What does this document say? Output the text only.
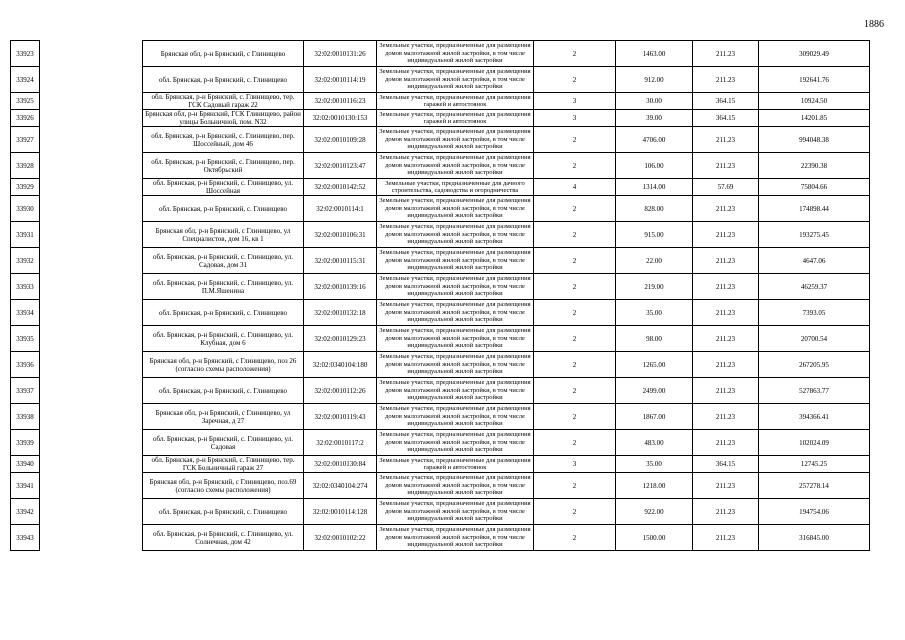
1886
33923		Брянская обл, р-н Брянский, с Глинищево	32:02:0010131:26	Земельные участки, предназначенные для размещения домов малоэтажной жилой застройки, в том числе индивидуальной жилой застройки	2	1463.00	211.23	309029.49
33924		обл. Брянская, р-н Брянский, с. Глинищево	32:02:0010114:19	Земельные участки, предназначенные для размещения домов малоэтажной жилой застройки, в том числе индивидуальной жилой застройки	2	912.00	211.23	192641.76
33925		обл. Брянская, р-н Брянский, с. Глинищево, тер. ГСК Садовый гараж 22	32:02:0010116:23	Земельные участки, предназначенные для размещения гаражей и автостоянок	3	30.00	364.15	10924.50
33926		Брянская обл, р-н Брянский, ГСК Глинищево, район улицы Больничной, пом. N32	32:02:0010130:153	Земельные участки, предназначенные для размещения гаражей и автостоянок	3	39.00	364.15	14201.85
33927		обл. Брянская, р-н Брянский, с. Глинищево, пер. Шоссейный, дом 46	32:02:0010109:28	Земельные участки, предназначенные для размещения домов малоэтажной жилой застройки, в том числе индивидуальной жилой застройки	2	4706.00	211.23	994048.38
33928		обл. Брянская, р-н Брянский, с. Глинищево, пер. Октябрьский	32:02:0010123:47	Земельные участки, предназначенные для размещения домов малоэтажной жилой застройки, в том числе индивидуальной жилой застройки	2	106.00	211.23	22390.38
33929		обл. Брянская, р-н Брянский, с. Глинищево, ул. Шоссейная	32:02:0010142:52	Земельные участки, предназначенные для дачного строительства, садоводства и огородничества	4	1314.00	57.69	75804.66
33930		обл. Брянская, р-н Брянский, с. Глинищево	32:02:0010114:1	Земельные участки, предназначенные для размещения домов малоэтажной жилой застройки, в том числе индивидуальной жилой застройки	2	828.00	211.23	174898.44
33931		Брянская обл, р-н Брянский, с Глинищево, ул Специалистов, дом 16, кв 1	32:02:0010106:31	Земельные участки, предназначенные для размещения домов малоэтажной жилой застройки, в том числе индивидуальной жилой застройки	2	915.00	211.23	193275.45
33932		обл. Брянская, р-н Брянский, с. Глинищево, ул. Садовая, дом 31	32:02:0010115:31	Земельные участки, предназначенные для размещения домов малоэтажной жилой застройки, в том числе индивидуальной жилой застройки	2	22.00	211.23	4647.06
33933		обл. Брянская, р-н Брянский, с. Глинищево, ул. П.М.Яшенина	32:02:0010139:16	Земельные участки, предназначенные для размещения домов малоэтажной жилой застройки, в том числе индивидуальной жилой застройки	2	219.00	211.23	46259.37
33934		обл. Брянская, р-н Брянский, с. Глинищево	32:02:0010132:18	Земельные участки, предназначенные для размещения домов малоэтажной жилой застройки, в том числе индивидуальной жилой застройки	2	35.00	211.23	7393.05
33935		обл. Брянская, р-н Брянский, с. Глинищево, ул. Клубная, дом 6	32:02:0010129:23	Земельные участки, предназначенные для размещения домов малоэтажной жилой застройки, в том числе индивидуальной жилой застройки	2	98.00	211.23	20700.54
33936		Брянская обл, р-н Брянский, с Глинищево, поз 26 (согласно схемы расположения)	32:02:0340104:180	Земельные участки, предназначенные для размещения домов малоэтажной жилой застройки, в том числе индивидуальной жилой застройки	2	1265.00	211.23	267205.95
33937		обл. Брянская, р-н Брянский, с. Глинищево	32:02:0010112:26	Земельные участки, предназначенные для размещения домов малоэтажной жилой застройки, в том числе индивидуальной жилой застройки	2	2499.00	211.23	527863.77
33938		Брянская обл, р-н Брянский, с Глинищево, ул Заречная, д 27	32:02:0010119:43	Земельные участки, предназначенные для размещения домов малоэтажной жилой застройки, в том числе индивидуальной жилой застройки	2	1867.00	211.23	394366.41
33939		обл. Брянская, р-н Брянский, с. Глинищево, ул. Садовая	32:02:0010117:2	Земельные участки, предназначенные для размещения домов малоэтажной жилой застройки, в том числе индивидуальной жилой застройки	2	483.00	211.23	102024.09
33940		обл. Брянская, р-н Брянский, с. Глинищево, тер. ГСК Больничный гараж 27	32:02:0010130:84	Земельные участки, предназначенные для размещения гаражей и автостоянок	3	35.00	364.15	12745.25
33941		Брянская обл, р-н Брянский, с Глинищево, поз.69 (согласно схемы расположения)	32:02:0340104:274	Земельные участки, предназначенные для размещения домов малоэтажной жилой застройки, в том числе индивидуальной жилой застройки	2	1218.00	211.23	257278.14
33942		обл. Брянская, р-н Брянский, с. Глинищево	32:02:0010114:128	Земельные участки, предназначенные для размещения домов малоэтажной жилой застройки, в том числе индивидуальной жилой застройки	2	922.00	211.23	194754.06
33943		обл. Брянская, р-н Брянский, с. Глинищево, ул. Солнечная, дом 42	32:02:0010102:22	Земельные участки, предназначенные для размещения домов малоэтажной жилой застройки, в том числе индивидуальной жилой застройки	2	1500.00	211.23	316845.00
